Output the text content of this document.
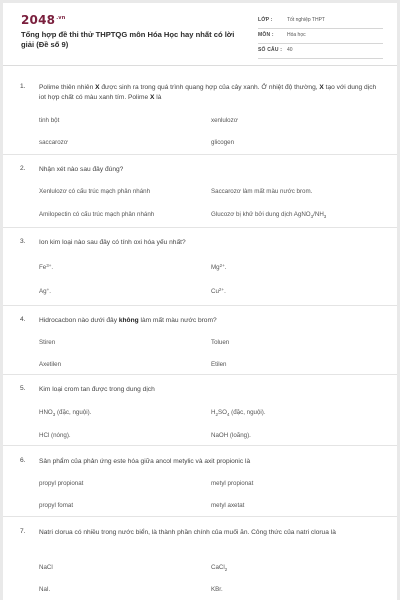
$2048^{.vn}$
Tổng hợp đề thi thử THPTQG môn Hóa Học hay nhất có lời giải (Đề số 9)
LỚP :	Tốt nghiệp THPT
MÔN :	Hóa học
SỐ CÂU : 40
1. Polime thiên nhiên X được sinh ra trong quá trình quang hợp của cây xanh. Ở nhiệt độ thường, X tạo với dung dịch iot hợp chất có màu xanh tím. Polime X là
tinh bột	xenlulozơ
saccarozơ	glicogen
2. Nhận xét nào sau đây đúng?
Xenlulozơ có cấu trúc mạch phân nhánh	Saccarozơ làm mất màu nước brom.
Amilopectin có cấu trúc mạch phân nhánh	Glucozơ bị khử bởi dung dịch $AgNO_3/NH_3$
3. Ion kim loại nào sau đây có tính oxi hóa yếu nhất?
$Fe^{3+}$.	$Mg^{2+}$.
Ag+.	$Cu^{2+}$.
4. Hidrocacbon nào dưới đây không làm mất màu nước brom?
Stiren	Toluen
Axetilen	Etilen
5. Kim loại crom tan được trong dung dịch
$HNO_3$ (đặc, nguội).	$H_2SO_4$ (đặc, nguội).
HCl (nóng).	NaOH (loãng).
6. Sản phẩm của phản ứng este hóa giữa ancol metylic và axit propionic là
propyl propionat	metyl propionat
propyl fomat	metyl axetat
7. Natri clorua có nhiều trong nước biển, là thành phần chính của muối ăn. Công thức của natri clorua là
NaCl	CaCl$_2$
NaI.	KBr.
